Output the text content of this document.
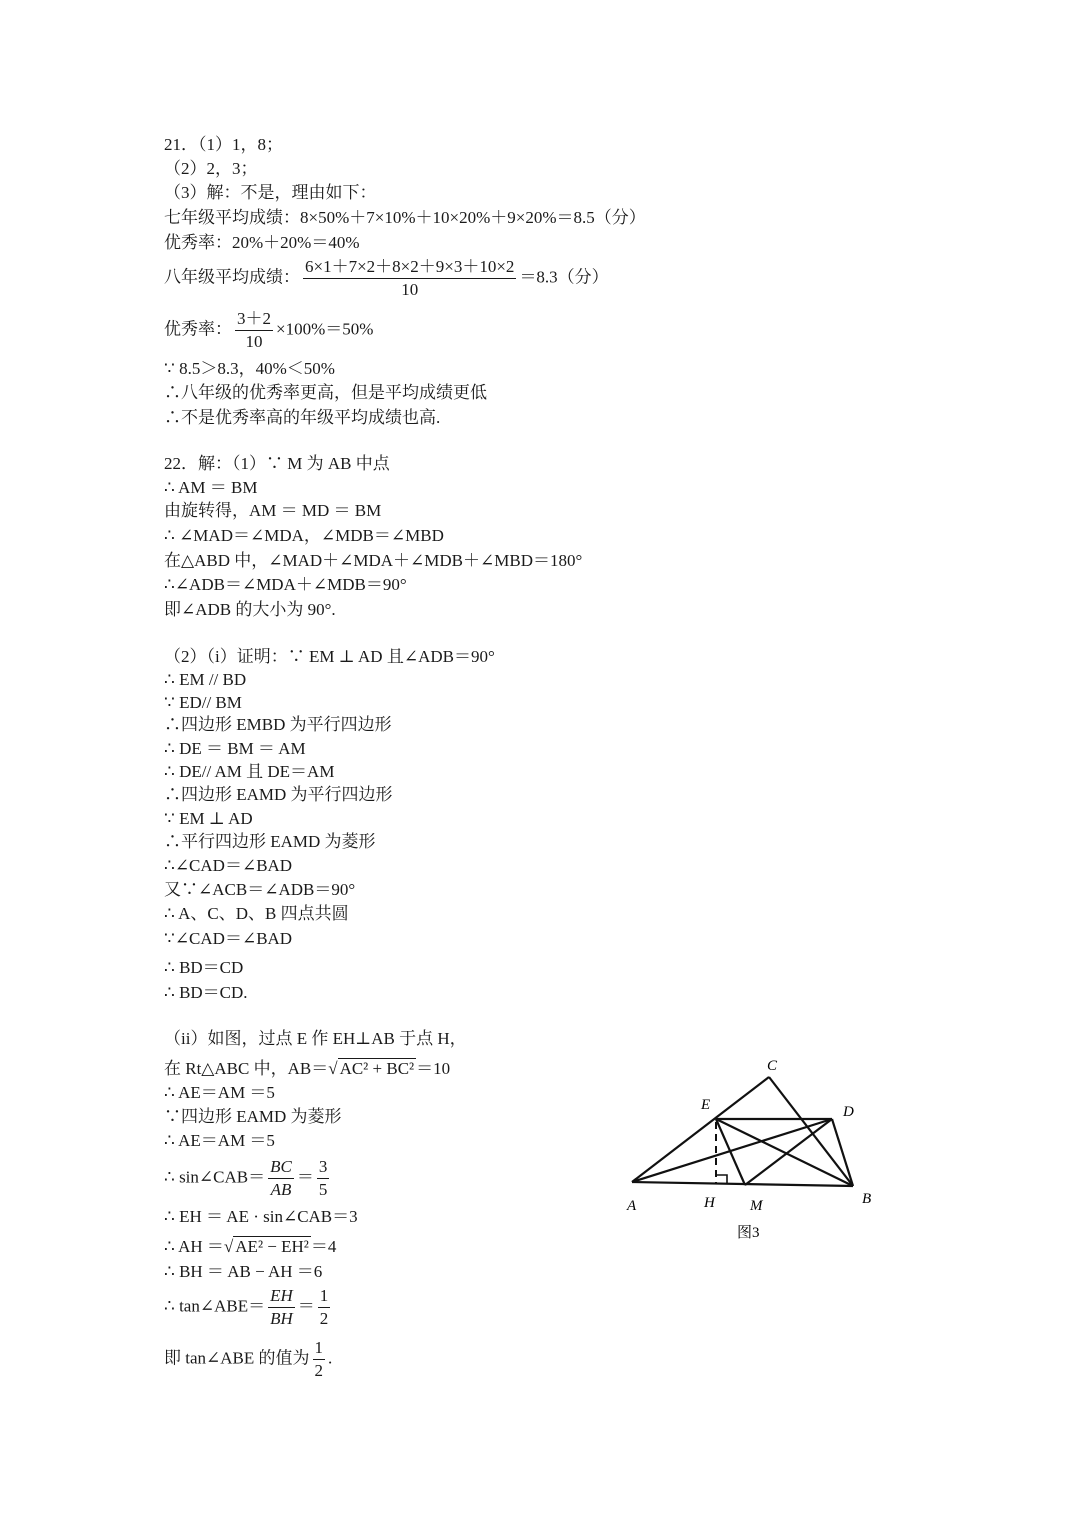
21．（1）1，8；
（2）2，3；
（3）解：不是，理由如下：
七年级平均成绩：8×50%＋7×10%＋10×20%＋9×20%＝8.5（分）
优秀率：20%＋20%＝40%
八年级平均成绩： $\frac{6\times 1+7\times 2+8\times 2+9\times 3+10\times 2}{10} =8.3$（分）
优秀率： $\frac{3+2}{10} \times 100\%=50\%$
∵ 8.5＞8.3，40%＜50%
∴八年级的优秀率更高，但是平均成绩更低
∴不是优秀率高的年级平均成绩也高.
22．解：（1）∵ M 为 AB 中点
∴ AM ＝ BM
由旋转得，AM ＝ MD ＝ BM
∴ ∠MAD＝∠MDA，∠MDB＝∠MBD
在△ABD 中，∠MAD＋∠MDA＋∠MDB＋∠MBD＝180°
∴∠ADB＝∠MDA＋∠MDB＝90°
即∠ADB 的大小为 90°.
（2）（i）证明：∵ EM ⊥ AD 且∠ADB＝90°
∴ EM // BD
∵ ED// BM
∴四边形 EMBD 为平行四边形
∴ DE ＝ BM ＝ AM
∴ DE// AM 且 DE＝AM
∴四边形 EAMD 为平行四边形
∵ EM ⊥ AD
∴平行四边形 EAMD 为菱形
∴∠CAD＝∠BAD
又∵∠ACB＝∠ADB＝90°
∴ A、C、D、B 四点共圆
∵∠CAD＝∠BAD
∴ BD＝CD
∴ BD＝CD.
（ii）如图，过点 E 作 EH⊥AB 于点 H，
在 Rt△ABC 中，AB＝√ AC² + BC² ＝10
∴ AE＝AM ＝5
∵四边形 EAMD 为菱形
∴ AE＝AM ＝5
∴ sin∠CAB＝ $\frac{BC}{AB} = \frac{3}{5}$
∴ EH ＝ AE · sin∠CAB＝3
∴ AH ＝√ AE² − EH² ＝4
∴ BH ＝ AB − AH ＝6
∴ tan∠ABE＝ $\frac{EH}{BH} = \frac{1}{2}$
即 tan∠ABE 的值为 $\frac{1}{2}$ .
C
E	D
A	H M	B
图3
